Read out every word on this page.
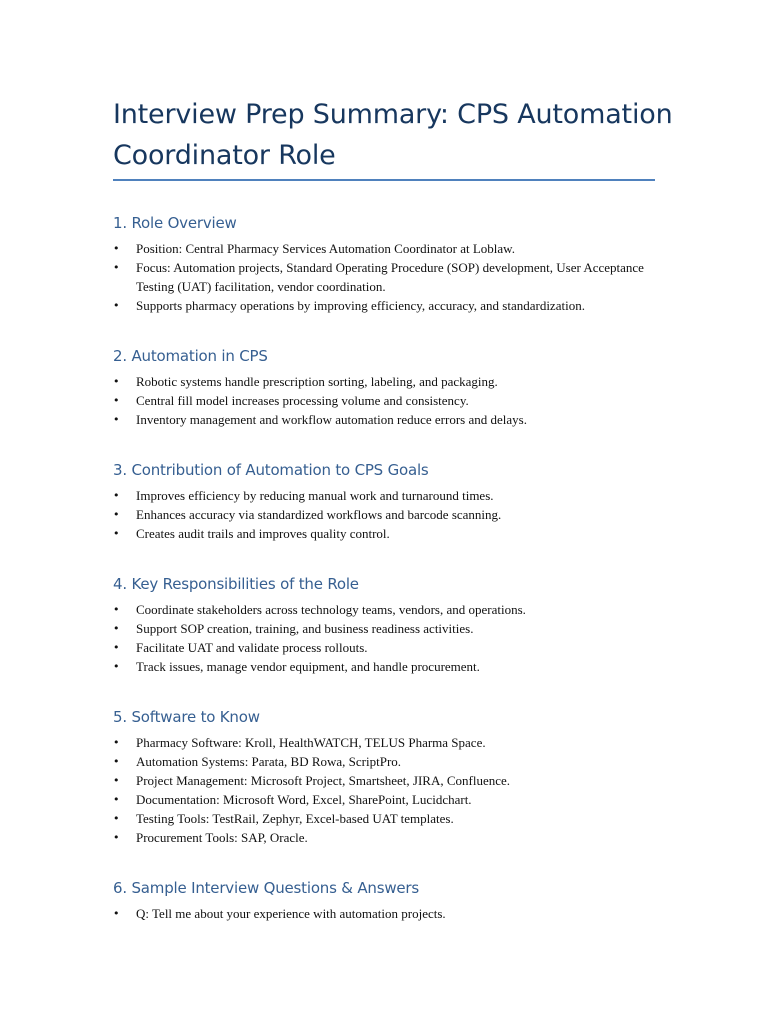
Interview Prep Summary: CPS Automation Coordinator Role
1. Role Overview
• Position: Central Pharmacy Services Automation Coordinator at Loblaw.
• Focus: Automation projects, Standard Operating Procedure (SOP) development, User Acceptance Testing (UAT) facilitation, vendor coordination.
• Supports pharmacy operations by improving efficiency, accuracy, and standardization.
2. Automation in CPS
• Robotic systems handle prescription sorting, labeling, and packaging.
• Central fill model increases processing volume and consistency.
• Inventory management and workflow automation reduce errors and delays.
3. Contribution of Automation to CPS Goals
• Improves efficiency by reducing manual work and turnaround times.
• Enhances accuracy via standardized workflows and barcode scanning.
• Creates audit trails and improves quality control.
4. Key Responsibilities of the Role
• Coordinate stakeholders across technology teams, vendors, and operations.
• Support SOP creation, training, and business readiness activities.
• Facilitate UAT and validate process rollouts.
• Track issues, manage vendor equipment, and handle procurement.
5. Software to Know
• Pharmacy Software: Kroll, HealthWATCH, TELUS Pharma Space.
• Automation Systems: Parata, BD Rowa, ScriptPro.
• Project Management: Microsoft Project, Smartsheet, JIRA, Confluence.
• Documentation: Microsoft Word, Excel, SharePoint, Lucidchart.
• Testing Tools: TestRail, Zephyr, Excel-based UAT templates.
• Procurement Tools: SAP, Oracle.
6. Sample Interview Questions & Answers
• Q: Tell me about your experience with automation projects.
